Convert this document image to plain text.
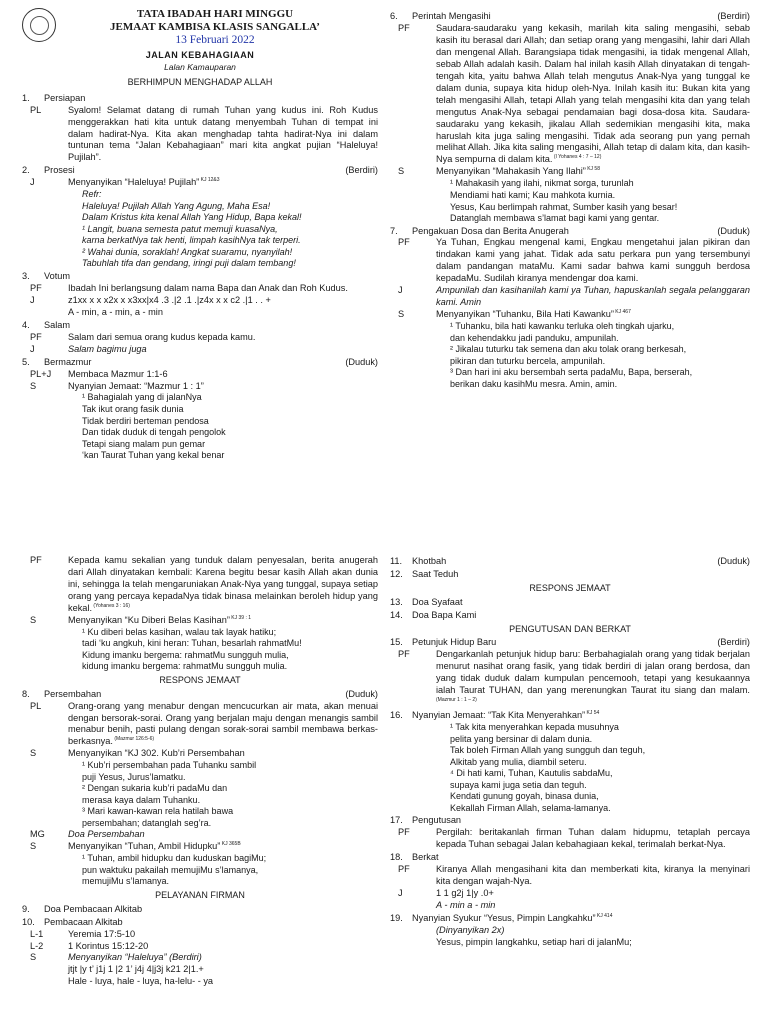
TATA IBADAH HARI MINGGU
JEMAAT KAMBISA KLASIS SANGALLA’
13 Februari 2022
JALAN KEBAHAGIAAN
Lalan Kamauparan
BERHIMPUN MENGHADAP ALLAH
1.	Persiapan
PL	Syalom! Selamat datang di rumah Tuhan yang kudus ini. Roh Kudus menggerakkan hati kita untuk datang menyembah Tuhan di tempat ini dalam hadirat-Nya. Kita akan menghadap tahta hadirat-Nya ini dalam tuntunan tema “Jalan Kebahagiaan” mari kita angkat pujian “Haleluya! Pujilah”.
2.	Prosesi	(Berdiri)
J	Menyanyikan “Haleluya! Pujilah” $^{KJ 12\&3}$
Refr:
Haleluya! Pujilah Allah Yang Agung, Maha Esa!
Dalam Kristus kita kenal Allah Yang Hidup, Bapa kekal!
¹ Langit, buana semesta patut memuji kuasaNya,
karna berkatNya tak henti, limpah kasihNya tak terperi.
² Wahai dunia, soraklah! Angkat suaramu, nyanyilah!
Tabuhlah tifa dan gendang, iringi puji dalam tembang!
3.	Votum
PF	Ibadah Ini berlangsung dalam nama Bapa dan Anak dan Roh Kudus.
J	z1xx x x x2x x x3xx|x4 .3 .|2 .1 .|z4x x x c2 .|1 . . +
A - min, a - min, a - min
4.	Salam
PF	Salam dari semua orang kudus kepada kamu.
J	Salam bagimu juga
5.	Bermazmur	(Duduk)
PL+J	Membaca Mazmur 1:1-6
S	Nyanyian Jemaat: “Mazmur 1 : 1”
¹ Bahagialah yang di jalanNya
Tak ikut orang fasik dunia
Tidak berdiri berteman pendosa
Dan tidak duduk di tengah pengolok
Tetapi siang malam pun gemar
‘kan Taurat Tuhan yang kekal benar
6.	Perintah Mengasihi	(Berdiri)
PF	Saudara-saudaraku yang kekasih, marilah kita saling mengasihi, sebab kasih itu berasal dari Allah; dan setiap orang yang mengasihi, lahir dari Allah dan mengenal Allah. Barangsiapa tidak mengasihi, ia tidak mengenal Allah, sebab Allah adalah kasih. Dalam hal inilah kasih Allah dinyatakan di tengah-tengah kita, yaitu bahwa Allah telah mengutus Anak-Nya yang tunggal ke dalam dunia, supaya kita hidup oleh-Nya. Inilah kasih itu: Bukan kita yang telah mengasihi Allah, tetapi Allah yang telah mengasihi kita dan yang telah mengutus Anak-Nya sebagai pendamaian bagi dosa-dosa kita. Saudara-saudaraku yang kekasih, jikalau Allah sedemikian mengasihi kita, maka haruslah kita juga saling mengasihi. Tidak ada seorang pun yang pernah melihat Allah. Jika kita saling mengasihi, Allah tetap di dalam kita, dan kasih-Nya sempurna di dalam kita. $^{(I Yohanes 4 : 7 - 12)}$
S	Menyanyikan “Mahakasih Yang Ilahi” $^{KJ 58}$
¹ Mahakasih yang ilahi, nikmat sorga, turunlah
Mendiami hati kami; Kau mahkota kurnia.
Yesus, Kau berlimpah rahmat, Sumber kasih yang besar!
Datanglah membawa s’lamat bagi kami yang gentar.
7.	Pengakuan Dosa dan Berita Anugerah	(Duduk)
PF	Ya Tuhan, Engkau mengenal kami, Engkau mengetahui jalan pikiran dan tindakan kami yang jahat. Tidak ada satu perkara pun yang tersembunyi dalam pandangan mataMu. Kami sadar bahwa kami sungguh berdosa kepadaMu. Sudilah kiranya mendengar doa kami.
J	Ampunilah dan kasihanilah kami ya Tuhan, hapuskanlah segala pelanggaran kami. Amin
S	Menyanyikan “Tuhanku, Bila Hati Kawanku” $^{KJ 467}$
¹ Tuhanku, bila hati kawanku terluka oleh tingkah ujarku,
dan kehendakku jadi panduku, ampunilah.
² Jikalau tuturku tak semena dan aku tolak orang berkesah,
pikiran dan tuturku bercela, ampunilah.
³ Dan hari ini aku bersembah serta padaMu, Bapa, berserah,
berikan daku kasihMu mesra. Amin, amin.
PF	Kepada kamu sekalian yang tunduk dalam penyesalan, berita anugerah dari Allah dinyatakan kembali: Karena begitu besar kasih Allah akan dunia ini, sehingga Ia telah mengaruniakan Anak-Nya yang tunggal, supaya setiap orang yang percaya kepadaNya tidak binasa melainkan beroleh hidup yang kekal. $^{(Yohanes 3 : 16)}$
S	Menyanyikan “Ku Diberi Belas Kasihan” $^{KJ 39 : 1}$
¹ Ku diberi belas kasihan, walau tak layak hatiku;
tadi ‘ku angkuh, kini heran: Tuhan, besarlah rahmatMu!
Kidung imanku bergema: rahmatMu sungguh mulia,
kidung imanku bergema: rahmatMu sungguh mulia.
RESPONS JEMAAT
8.	Persembahan	(Duduk)
PL	Orang-orang yang menabur dengan mencucurkan air mata, akan menuai dengan bersorak-sorai. Orang yang berjalan maju dengan menangis sambil menabur benih, pasti pulang dengan sorak-sorai sambil membawa berkas-berkasnya. $^{(Mazmur 126:5-6)}$
S	Menyanyikan “KJ 302. Kub’ri Persembahan
¹ Kub’ri persembahan pada Tuhanku sambil
puji Yesus, Jurus’lamatku.
² Dengan sukaria kub’ri padaMu dan
merasa kaya dalam Tuhanku.
³ Mari kawan-kawan rela hatilah bawa
persembahan; datanglah seg’ra.
MG	Doa Persembahan
S	Menyanyikan “Tuhan, Ambil Hidupku” $^{KJ 365B}$
¹ Tuhan, ambil hidupku dan kuduskan bagiMu;
pun waktuku pakailah memujiMu s’lamanya,
memujiMu s’lamanya.
PELAYANAN FIRMAN
9.	Doa Pembacaan Alkitab
10.	Pembacaan Alkitab
L-1	Yeremia 17:5-10
L-2	1 Korintus 15:12-20
S	Menyanyikan “Haleluya” (Berdiri)
jtjt |y t’ j1j 1 |2 1’ j4j 4|j3j k21 2|1.+
Hale - luya, hale - luya, ha-lelu- - ya
11.	Khotbah	(Duduk)
12.	Saat Teduh
RESPONS JEMAAT
13.	Doa Syafaat
14.	Doa Bapa Kami
PENGUTUSAN DAN BERKAT
15.	Petunjuk Hidup Baru	(Berdiri)
PF	Dengarkanlah petunjuk hidup baru: Berbahagialah orang yang tidak berjalan menurut nasihat orang fasik, yang tidak berdiri di jalan orang berdosa, dan yang tidak duduk dalam kumpulan pencemooh, tetapi yang kesukaannya ialah Taurat TUHAN, dan yang merenungkan Taurat itu siang dan malam. $^{(Mazmur 1 : 1 - 2)}$
16.	Nyanyian Jemaat: “Tak Kita Menyerahkan” $^{KJ 54}$
¹ Tak kita menyerahkan kepada musuhnya
pelita yang bersinar di dalam dunia.
Tak boleh Firman Allah yang sungguh dan teguh,
Alkitab yang mulia, diambil seteru.
⁴ Di hati kami, Tuhan, Kautulis sabdaMu,
supaya kami juga setia dan teguh.
Kendati gunung goyah, binasa dunia,
Kekallah Firman Allah, selama-lamanya.
17.	Pengutusan
PF	Pergilah: beritakanlah firman Tuhan dalam hidupmu, tetaplah percaya kepada Tuhan sebagai Jalan kebahagiaan kekal, terimalah berkat-Nya.
18.	Berkat
PF	Kiranya Allah mengasihani kita dan memberkati kita, kiranya Ia menyinari kita dengan wajah-Nya.
J	1 1 g2j 1|y .0+
A - min a - min
19.	Nyanyian Syukur “Yesus, Pimpin Langkahku” $^{KJ 414}$
(Dinyanyikan 2x)
Yesus, pimpin langkahku, setiap hari di jalanMu;
